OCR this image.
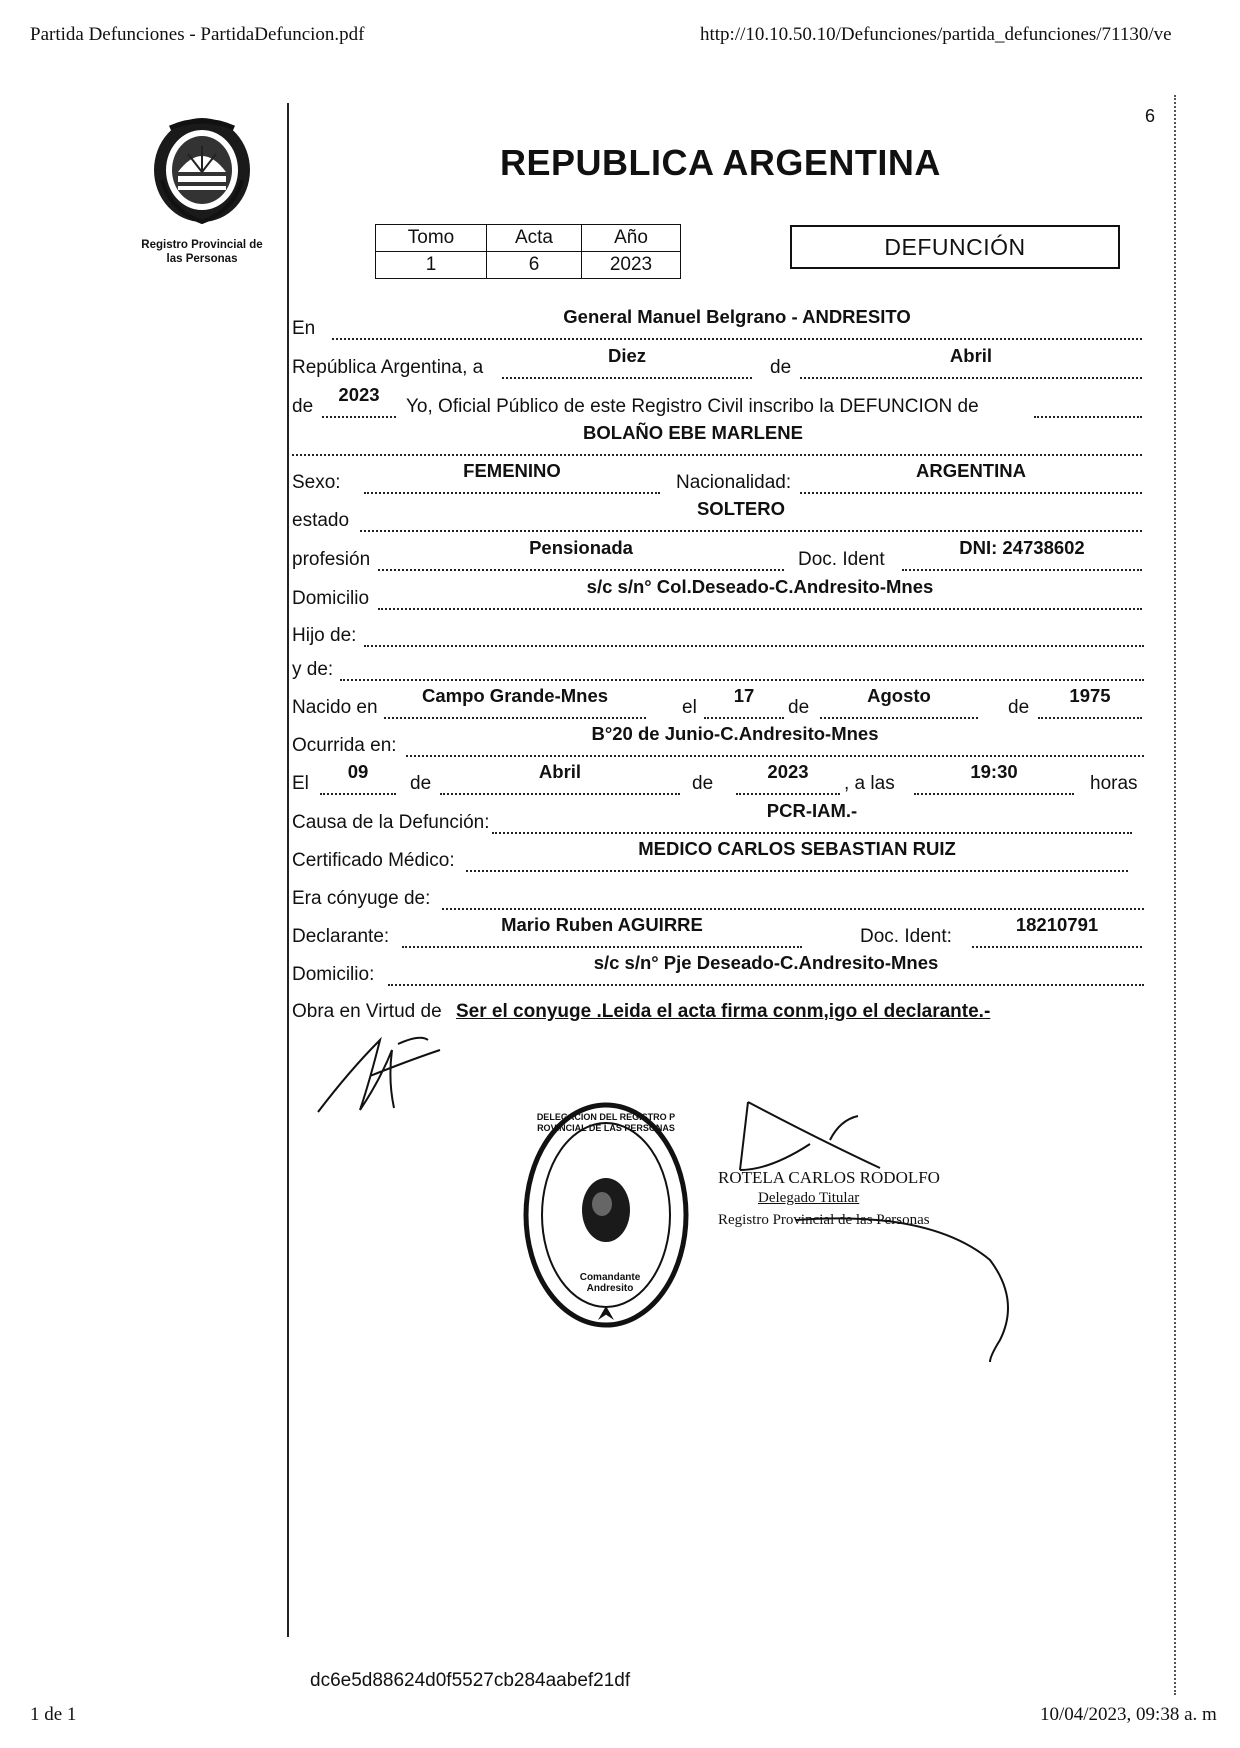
Partida Defunciones - PartidaDefuncion.pdf	http://10.10.50.10/Defunciones/partida_defunciones/71130/ve
Registro Provincial de
las Personas
6
REPUBLICA ARGENTINA
Tomo	Acta	Año
1	6	2023
DEFUNCIÓN
En
General Manuel Belgrano - ANDRESITO
República Argentina, a
Diez
de
Abril
de
2023
Yo, Oficial Público de este Registro Civil inscribo la DEFUNCION de
BOLAÑO EBE MARLENE
Sexo:
FEMENINO
Nacionalidad:
ARGENTINA
estado
SOLTERO
profesión
Pensionada
Doc. Ident
DNI: 24738602
Domicilio
s/c s/n° Col.Deseado-C.Andresito-Mnes
Hijo de:
y de:
Nacido en
Campo Grande-Mnes
el
17
de
Agosto
de
1975
Ocurrida en:
B°20 de Junio-C.Andresito-Mnes
El
09
de
Abril
de
2023
, a las
19:30
horas
Causa de la Defunción:
PCR-IAM.-
Certificado Médico:
MEDICO CARLOS SEBASTIAN RUIZ
Era cónyuge de:
Declarante:
Mario Ruben AGUIRRE
Doc. Ident:
18210791
Domicilio:
s/c s/n° Pje Deseado-C.Andresito-Mnes
Obra en Virtud de Ser el conyuge .Leida el acta firma conm,igo el declarante.-
DELEGACION DEL REGISTRO PROVINCIAL DE LAS PERSONAS
Comandante Andresito
ROTELA CARLOS RODOLFO
Delegado Titular
Registro Provincial de las Personas
dc6e5d88624d0f5527cb284aabef21df
1 de 1	10/04/2023, 09:38 a. m
